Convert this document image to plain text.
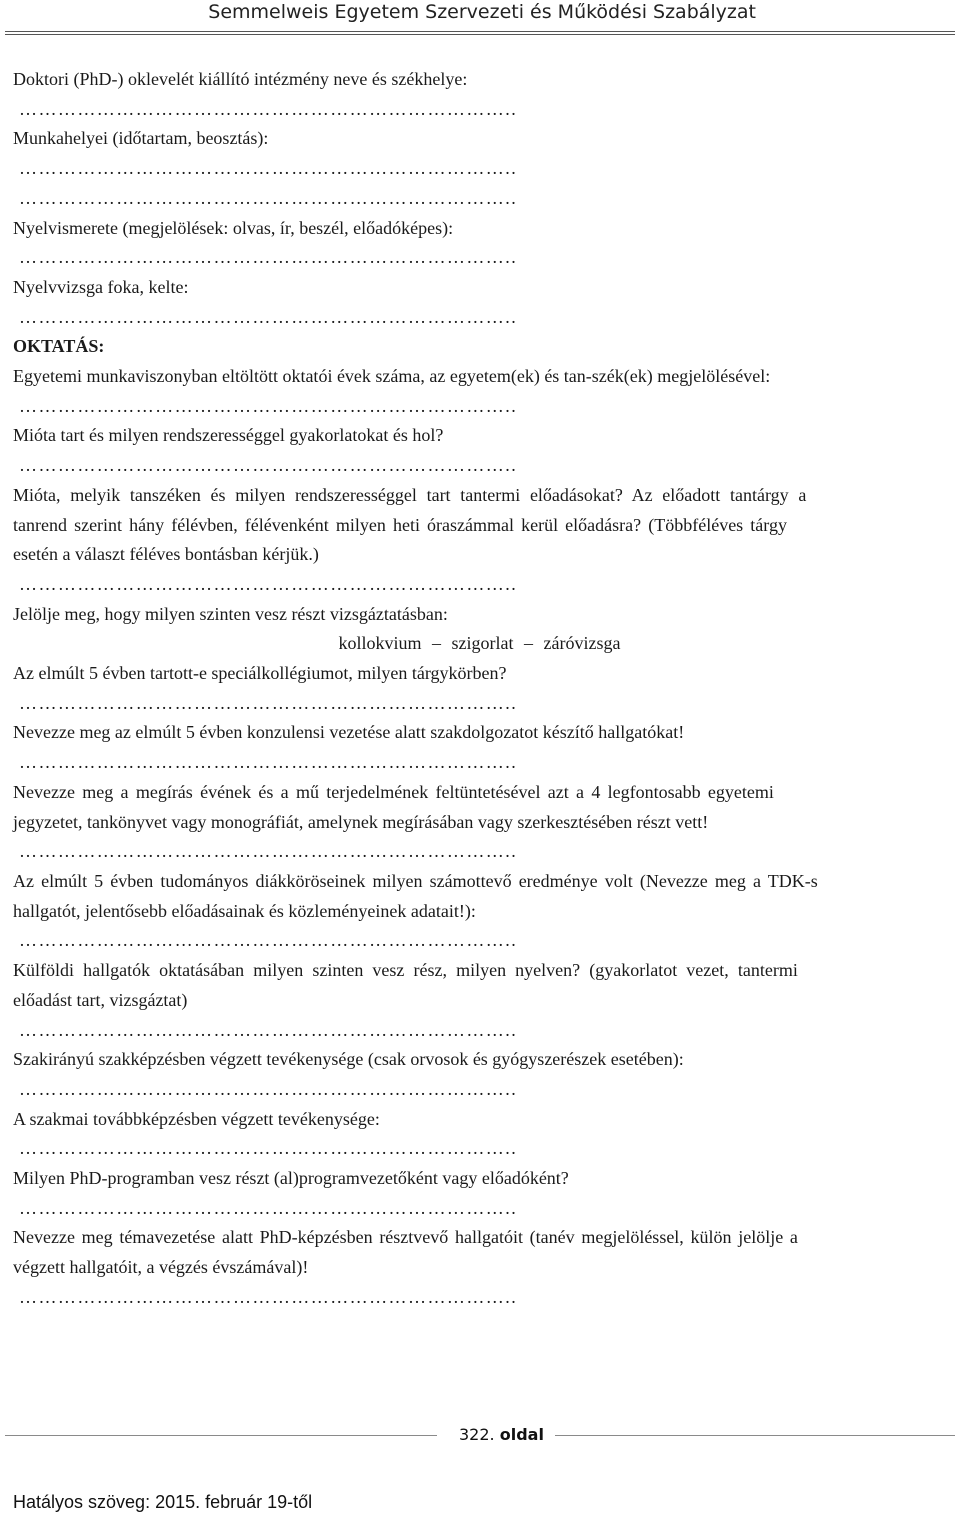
Semmelweis Egyetem Szervezeti és Működési Szabályzat
Doktori (PhD-) oklevelét kiállító intézmény neve és székhelye:
…………………………………………………………………..
Munkahelyei (időtartam, beosztás):
…………………………………………………………………..
…………………………………………………………………..
Nyelvismerete (megjelölések: olvas, ír, beszél, előadóképes):
…………………………………………………………………..
Nyelvvizsga foka, kelte:
…………………………………………………………………..
OKTATÁS:
Egyetemi munkaviszonyban eltöltött oktatói évek száma, az egyetem(ek) és tan-szék(ek) megjelölésével:
…………………………………………………………………..
Mióta tart és milyen rendszerességgel gyakorlatokat és hol?
…………………………………………………………………..
Mióta, melyik tanszéken és milyen rendszerességgel tart tantermi előadásokat? Az előadott tantárgy a
tanrend szerint hány félévben, félévenként milyen heti óraszámmal kerül előadásra? (Többféléves tárgy
esetén a választ féléves bontásban kérjük.)
…………………………………………………………………..
Jelölje meg, hogy milyen szinten vesz részt vizsgáztatásban:
kollokvium – szigorlat – záróvizsga
Az elmúlt 5 évben tartott-e speciálkollégiumot, milyen tárgykörben?
…………………………………………………………………..
Nevezze meg az elmúlt 5 évben konzulensi vezetése alatt szakdolgozatot készítő hallgatókat!
…………………………………………………………………..
Nevezze meg a megírás évének és a mű terjedelmének feltüntetésével azt a 4 legfontosabb egyetemi
jegyzetet, tankönyvet vagy monográfiát, amelynek megírásában vagy szerkesztésében részt vett!
…………………………………………………………………..
Az elmúlt 5 évben tudományos diákköröseinek milyen számottevő eredménye volt (Nevezze meg a TDK-s
hallgatót, jelentősebb előadásainak és közleményeinek adatait!):
…………………………………………………………………..
Külföldi hallgatók oktatásában milyen szinten vesz rész, milyen nyelven? (gyakorlatot vezet, tantermi
előadást tart, vizsgáztat)
…………………………………………………………………..
Szakirányú szakképzésben végzett tevékenysége (csak orvosok és gyógyszerészek esetében):
…………………………………………………………………..
A szakmai továbbképzésben végzett tevékenysége:
…………………………………………………………………..
Milyen PhD-programban vesz részt (al)programvezetőként vagy előadóként?
…………………………………………………………………..
Nevezze meg témavezetése alatt PhD-képzésben résztvevő hallgatóit (tanév megjelöléssel, külön jelölje a
végzett hallgatóit, a végzés évszámával)!
…………………………………………………………………..
322. oldal
Hatályos szöveg: 2015. február 19-től
